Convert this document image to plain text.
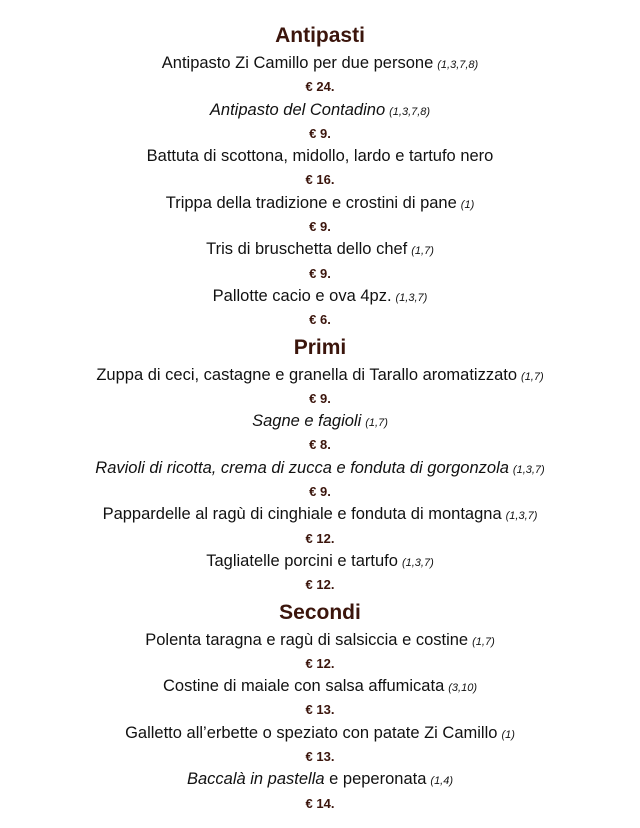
Antipasti
Antipasto Zi Camillo per due persone (1,3,7,8)
€ 24.
Antipasto del Contadino (1,3,7,8)
€ 9.
Battuta di scottona, midollo, lardo e tartufo nero
€ 16.
Trippa della tradizione e crostini di pane (1)
€ 9.
Tris di bruschetta dello chef (1,7)
€ 9.
Pallotte cacio e ova 4pz. (1,3,7)
€ 6.
Primi
Zuppa di ceci, castagne e granella di Tarallo aromatizzato (1,7)
€ 9.
Sagne e fagioli (1,7)
€ 8.
Ravioli di ricotta, crema di zucca e fonduta di gorgonzola (1,3,7)
€ 9.
Pappardelle al ragù di cinghiale e fonduta di montagna (1,3,7)
€ 12.
Tagliatelle porcini e tartufo (1,3,7)
€ 12.
Secondi
Polenta taragna e ragù di salsiccia e costine (1,7)
€ 12.
Costine di maiale con salsa affumicata (3,10)
€ 13.
Galletto all’erbette o speziato con patate Zi Camillo (1)
€ 13.
Baccalà in pastella e peperonata (1,4)
€ 14.
